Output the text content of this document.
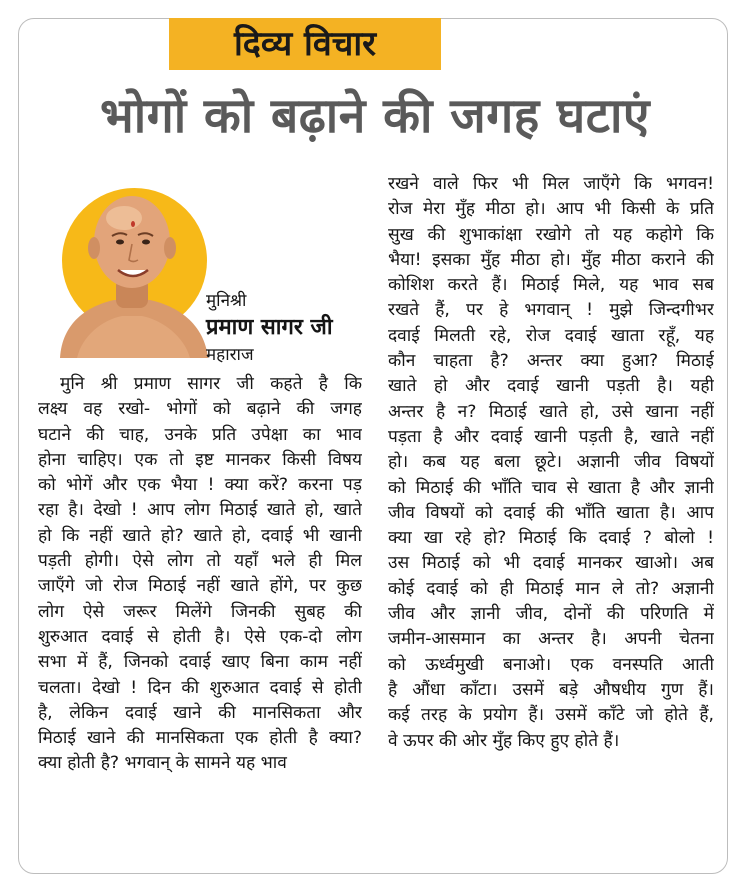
दिव्य विचार
भोगों को बढ़ाने की जगह घटाएं
मुनिश्री
प्रमाण सागर जी
महाराज
मुनि श्री प्रमाण सागर जी कहते है कि
लक्ष्य वह रखो- भोगों को बढ़ाने की जगह
घटाने की चाह, उनके प्रति उपेक्षा का भाव
होना चाहिए। एक तो इष्ट मानकर किसी विषय
को भोगें और एक भैया ! क्या करें? करना पड़
रहा है। देखो ! आप लोग मिठाई खाते हो, खाते
हो कि नहीं खाते हो? खाते हो, दवाई भी खानी
पड़ती होगी। ऐसे लोग तो यहाँ भले ही मिल
जाएँगे जो रोज मिठाई नहीं खाते होंगे, पर कुछ
लोग ऐसे जरूर मिलेंगे जिनकी सुबह की
शुरुआत दवाई से होती है। ऐसे एक-दो लोग
सभा में हैं, जिनको दवाई खाए बिना काम नहीं
चलता। देखो ! दिन की शुरुआत दवाई से होती
है, लेकिन दवाई खाने की मानसिकता और
मिठाई खाने की मानसिकता एक होती है क्या?
क्या होती है? भगवान् के सामने यह भाव
रखने वाले फिर भी मिल जाएँगे कि भगवन!
रोज मेरा मुँह मीठा हो। आप भी किसी के प्रति
सुख की शुभाकांक्षा रखोगे तो यह कहोगे कि
भैया! इसका मुँह मीठा हो। मुँह मीठा कराने की
कोशिश करते हैं। मिठाई मिले, यह भाव सब
रखते हैं, पर हे भगवान् ! मुझे जिन्दगीभर
दवाई मिलती रहे, रोज दवाई खाता रहूँ, यह
कौन चाहता है? अन्तर क्या हुआ? मिठाई
खाते हो और दवाई खानी पड़ती है। यही
अन्तर है न? मिठाई खाते हो, उसे खाना नहीं
पड़ता है और दवाई खानी पड़ती है, खाते नहीं
हो। कब यह बला छूटे। अज्ञानी जीव विषयों
को मिठाई की भाँति चाव से खाता है और ज्ञानी
जीव विषयों को दवाई की भाँति खाता है। आप
क्या खा रहे हो? मिठाई कि दवाई ? बोलो !
उस मिठाई को भी दवाई मानकर खाओ। अब
कोई दवाई को ही मिठाई मान ले तो? अज्ञानी
जीव और ज्ञानी जीव, दोनों की परिणति में
जमीन-आसमान का अन्तर है। अपनी चेतना
को ऊर्ध्वमुखी बनाओ। एक वनस्पति आती
है औंधा काँटा। उसमें बड़े औषधीय गुण हैं।
कई तरह के प्रयोग हैं। उसमें काँटे जो होते हैं,
वे ऊपर की ओर मुँह किए हुए होते हैं।
